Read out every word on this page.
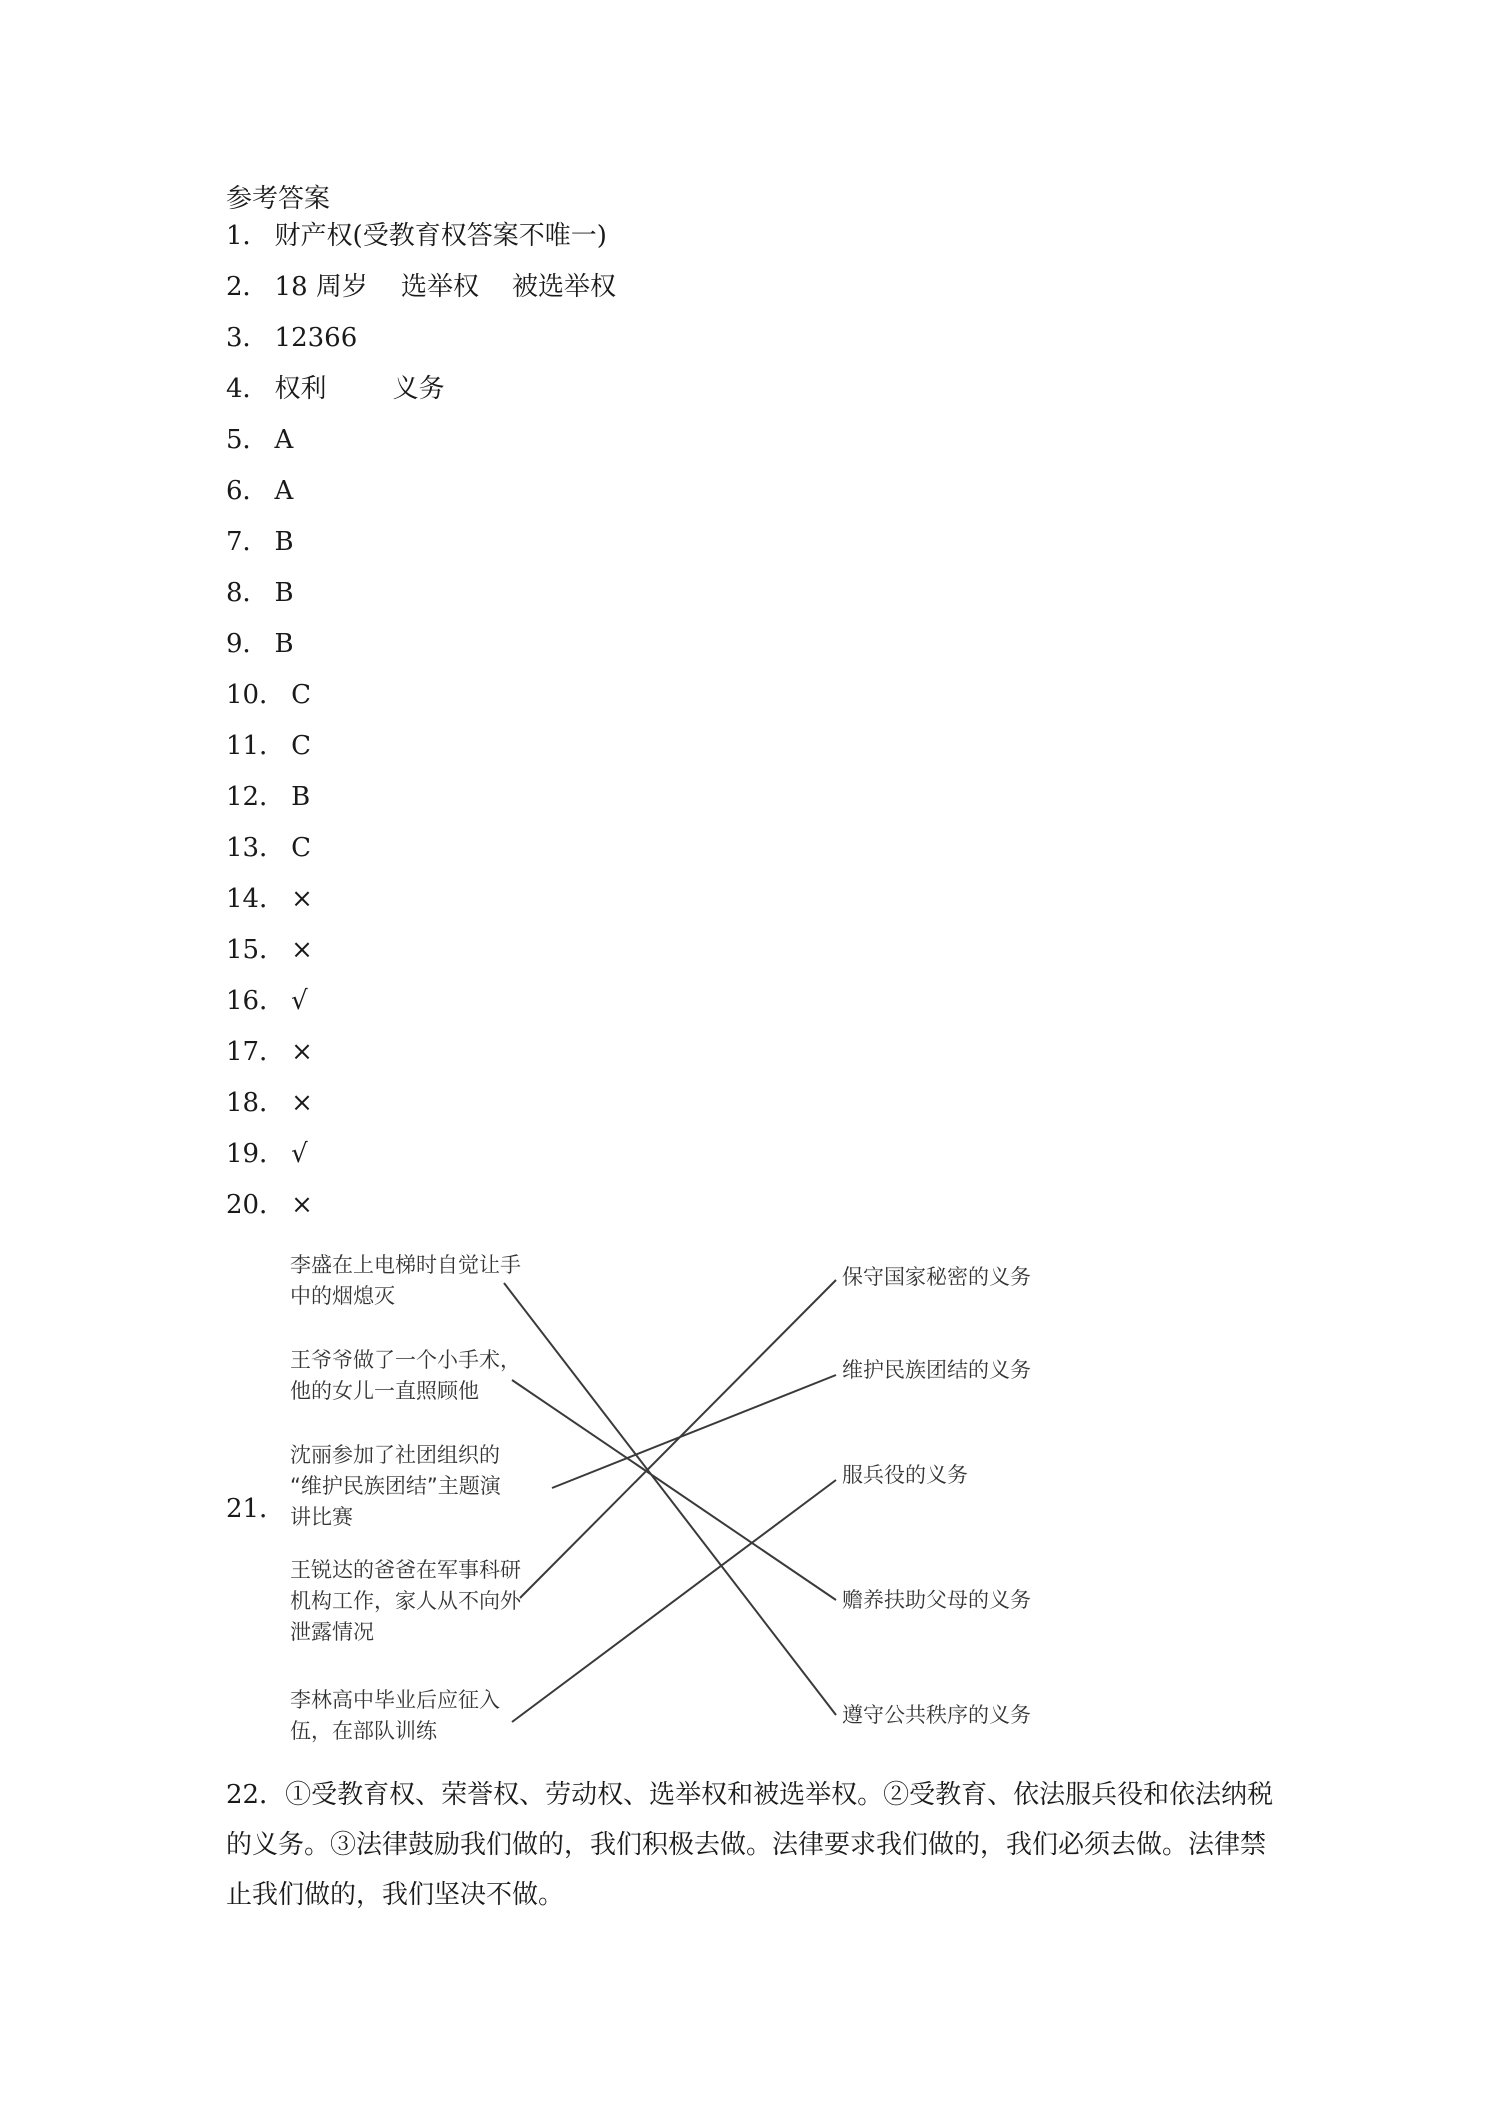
参考答案
1． 财产权(受教育权答案不唯一)
2． 18 周岁    选举权    被选举权
3． 12366
4． 权利        义务
5． A
6． A
7． B
8． B
9． B
10． C
11． C
12． B
13． C
14． ×
15． ×
16． √
17． ×
18． ×
19． √
20． ×
21．
李盛在上电梯时自觉让手
中的烟熄灭
王爷爷做了一个小手术，
他的女儿一直照顾他
沈丽参加了社团组织的
“维护民族团结”主题演
讲比赛
王锐达的爸爸在军事科研
机构工作，家人从不向外
泄露情况
李林高中毕业后应征入
伍，在部队训练
保守国家秘密的义务
维护民族团结的义务
服兵役的义务
赡养扶助父母的义务
遵守公共秩序的义务
22．①受教育权、荣誉权、劳动权、选举权和被选举权。②受教育、依法服兵役和依法纳税的义务。③法律鼓励我们做的，我们积极去做。法律要求我们做的，我们必须去做。法律禁止我们做的，我们坚决不做。
